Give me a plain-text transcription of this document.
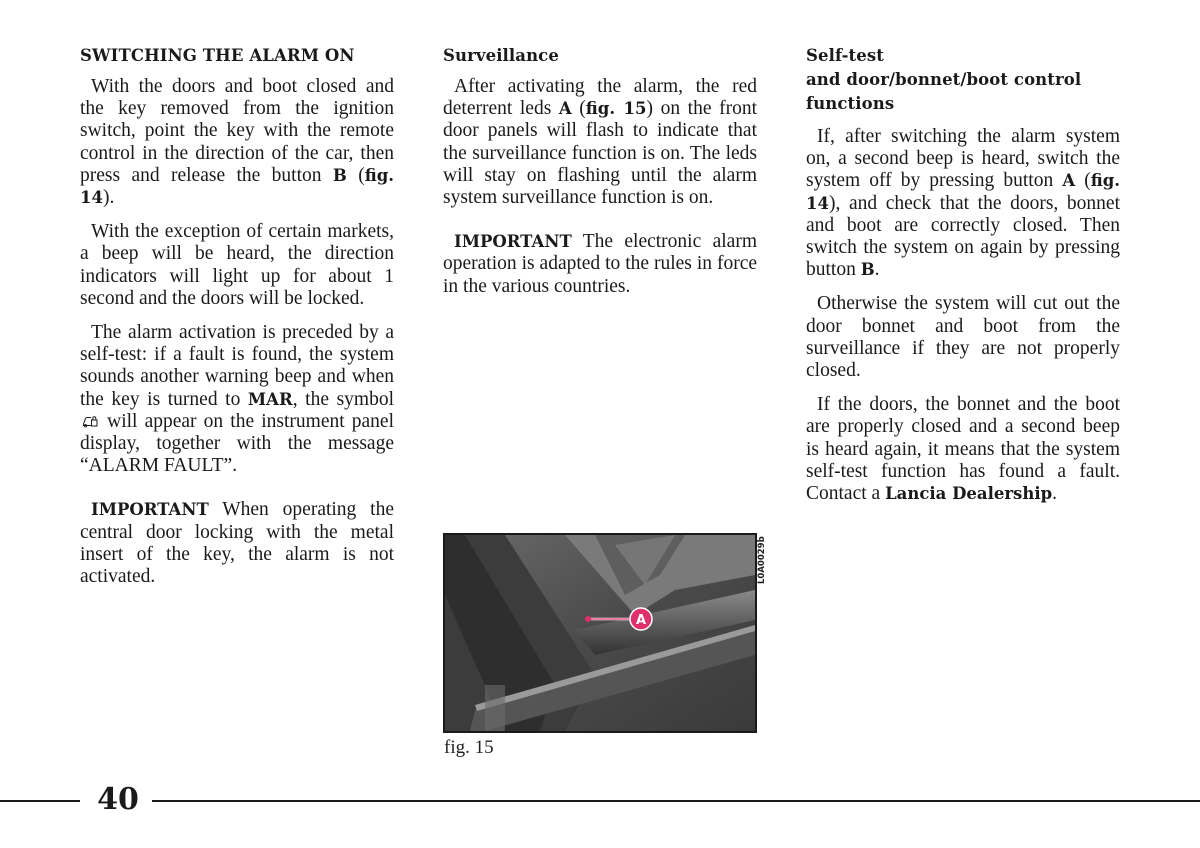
SWITCHING THE ALARM ON

With the doors and boot closed and the key removed from the ignition switch, point the key with the remote control in the direction of the car, then press and release the button B (fig. 14).

With the exception of certain markets, a beep will be heard, the direction indicators will light up for about 1 second and the doors will be locked.

The alarm activation is preceded by a self-test: if a fault is found, the system sounds another warning beep and when the key is turned to MAR, the symbol  will appear on the instrument panel display, together with the message “ALARM FAULT”.

IMPORTANT When operating the central door locking with the metal insert of the key, the alarm is not activated.

Surveillance

After activating the alarm, the red deterrent leds A (fig. 15) on the front door panels will flash to indicate that the surveillance function is on. The leds will stay on flashing until the alarm system surveillance function is on.

IMPORTANT The electronic alarm operation is adapted to the rules in force in the various countries.

Self-test
and door/bonnet/boot control
functions

If, after switching the alarm system on, a second beep is heard, switch the system off by pressing button A (fig. 14), and check that the doors, bonnet and boot are correctly closed. Then switch the system on again by pressing button B.

Otherwise the system will cut out the door bonnet and boot from the surveillance if they are not properly closed.

If the doors, the bonnet and the boot are properly closed and a second beep is heard again, it means that the system self-test function has found a fault. Contact a Lancia Dealership.

A
L0A0029b
fig. 15
40
